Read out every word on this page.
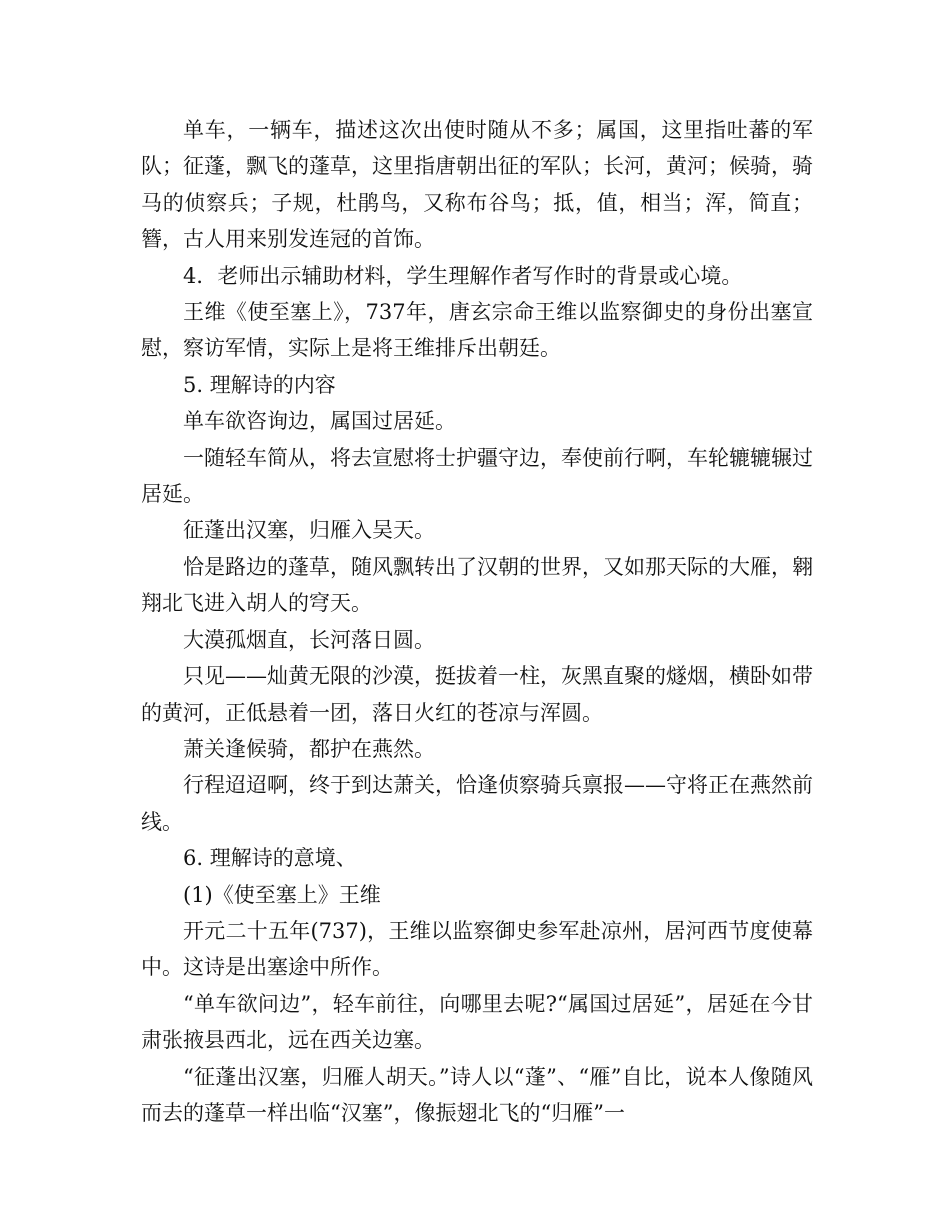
单车，一辆车，描述这次出使时随从不多；属国，这里指吐蕃的军队；征蓬，飘飞的蓬草，这里指唐朝出征的军队；长河，黄河；候骑，骑马的侦察兵；子规，杜鹃鸟，又称布谷鸟；抵，值，相当；浑，简直；簪，古人用来别发连冠的首饰。

4．老师出示辅助材料，学生理解作者写作时的背景或心境。

王维《使至塞上》，737年，唐玄宗命王维以监察御史的身份出塞宣慰，察访军情，实际上是将王维排斥出朝廷。

5. 理解诗的内容

单车欲咨询边，属国过居延。

一随轻车简从，将去宣慰将士护疆守边，奉使前行啊，车轮辘辘辗过居延。

征蓬出汉塞，归雁入吴天。

恰是路边的蓬草，随风飘转出了汉朝的世界，又如那天际的大雁，翱翔北飞进入胡人的穹天。

大漠孤烟直，长河落日圆。

只见——灿黄无限的沙漠，挺拔着一柱，灰黑直聚的燧烟，横卧如带的黄河，正低悬着一团，落日火红的苍凉与浑圆。

萧关逢候骑，都护在燕然。

行程迢迢啊，终于到达萧关，恰逢侦察骑兵禀报——守将正在燕然前线。

6. 理解诗的意境、

(1)《使至塞上》王维

开元二十五年(737)，王维以监察御史参军赴凉州，居河西节度使幕中。这诗是出塞途中所作。

“单车欲问边”，轻车前往，向哪里去呢?“属国过居延”，居延在今甘肃张掖县西北，远在西关边塞。

“征蓬出汉塞，归雁人胡天。”诗人以“蓬”、“雁”自比，说本人像随风而去的蓬草一样出临“汉塞”，像振翅北飞的“归雁”一
